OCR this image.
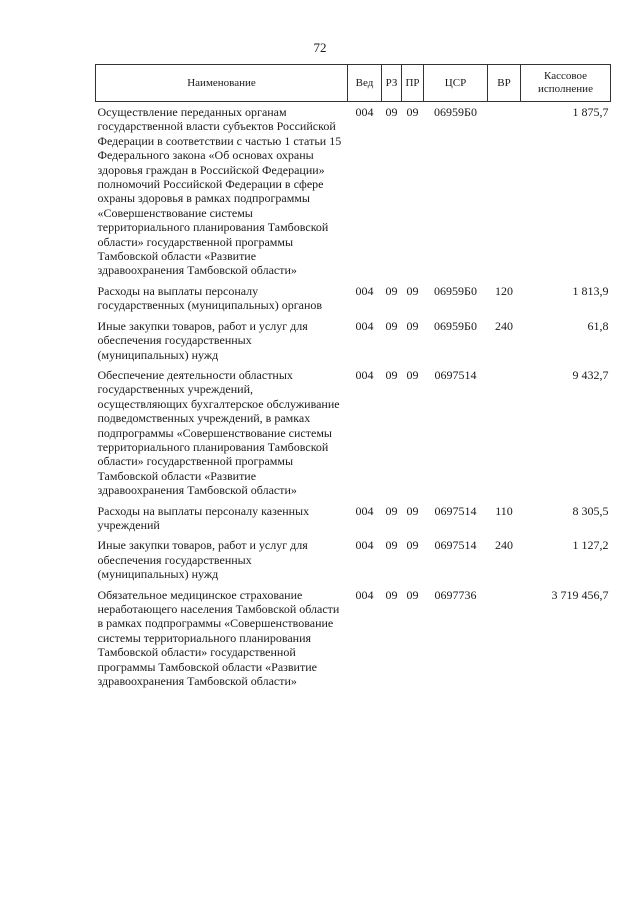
72
Наименование	Вед	РЗ	ПР	ЦСР	ВР	Кассовое исполнение
Осуществление переданных органам государственной власти субъектов Российской Федерации в соответствии с частью 1 статьи 15 Федерального закона «Об основах охраны здоровья граждан в Российской Федерации» полномочий Российской Федерации в сфере охраны здоровья в рамках подпрограммы «Совершенствование системы территориального планирования Тамбовской области» государственной программы Тамбовской области «Развитие здравоохранения Тамбовской области»	004	09	09	06959Б0		1 875,7
Расходы на выплаты персоналу государственных (муниципальных) органов	004	09	09	06959Б0	120	1 813,9
Иные закупки товаров, работ и услуг для обеспечения государственных (муниципальных) нужд	004	09	09	06959Б0	240	61,8
Обеспечение деятельности областных государственных учреждений, осуществляющих бухгалтерское обслуживание подведомственных учреждений, в рамках подпрограммы «Совершенствование системы территориального планирования Тамбовской области» государственной программы Тамбовской области «Развитие здравоохранения Тамбовской области»	004	09	09	0697514		9 432,7
Расходы на выплаты персоналу казенных учреждений	004	09	09	0697514	110	8 305,5
Иные закупки товаров, работ и услуг для обеспечения государственных (муниципальных) нужд	004	09	09	0697514	240	1 127,2
Обязательное медицинское страхование неработающего населения Тамбовской области в рамках подпрограммы «Совершенствование системы территориального планирования Тамбовской области» государственной программы Тамбовской области «Развитие здравоохранения Тамбовской области»	004	09	09	0697736		3 719 456,7
